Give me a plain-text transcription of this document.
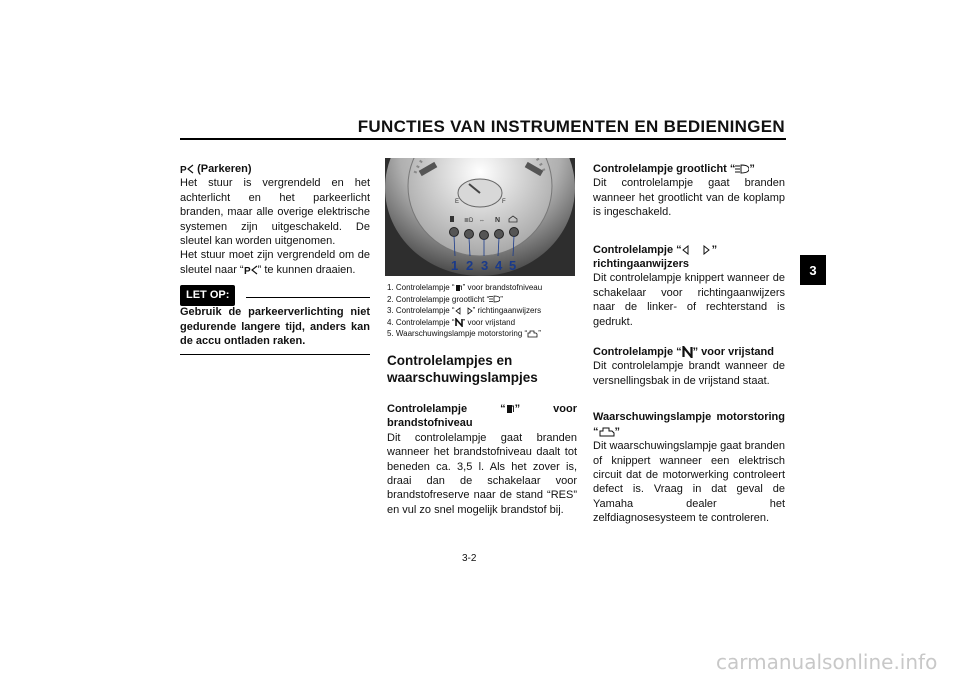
FUNCTIES VAN INSTRUMENTEN EN BEDIENINGEN
3

P (Parkeren)

Het stuur is vergrendeld en het achterlicht en het parkeerlicht branden, maar alle overige elektrische systemen zijn uitgeschakeld. De sleutel kan worden uitgenomen.

Het stuur moet zijn vergrendeld om de sleutel naar “ P ” te kunnen draaien.

LET OP:

Gebruik de parkeerverlichting niet gedurende langere tijd, anders kan de accu ontladen raken.

E	F
≣D ⇔ N
1 2 3 4 5
1. Controlelampje “ ” voor brandstofniveau
2. Controlelampje grootlicht “ ”
3. Controlelampje “ ” richtingaanwijzers
4. Controlelampje “ ” voor vrijstand
5. Waarschuwingslampje motorstoring “ ”
Controlelampjes en waarschuwingslampjes

Controlelampje “ ” voor brandstofniveau

Dit controlelampje gaat branden wanneer het brandstofniveau daalt tot beneden ca. 3,5 l. Als het zover is, draai dan de schakelaar voor brandstofreserve naar de stand “RES” en vul zo snel mogelijk brandstof bij.

Controlelampje grootlicht “ ”

Dit controlelampje gaat branden wanneer het grootlicht van de koplamp is ingeschakeld.

Controlelampje “	” richtingaanwijzers

Dit controlelampje knippert wanneer de schakelaar voor richtingaanwijzers naar de linker- of rechterstand is gedrukt.

Controlelampje “ ” voor vrijstand

Dit controlelampje brandt wanneer de versnellingsbak in de vrijstand staat.

Waarschuwingslampje motorstoring “ ”

Dit waarschuwingslampje gaat branden of knippert wanneer een elektrisch circuit dat de motorwerking controleert defect is. Vraag in dat geval de Yamaha dealer het zelfdiagnosesysteem te controleren.

3-2
carmanualsonline.info
